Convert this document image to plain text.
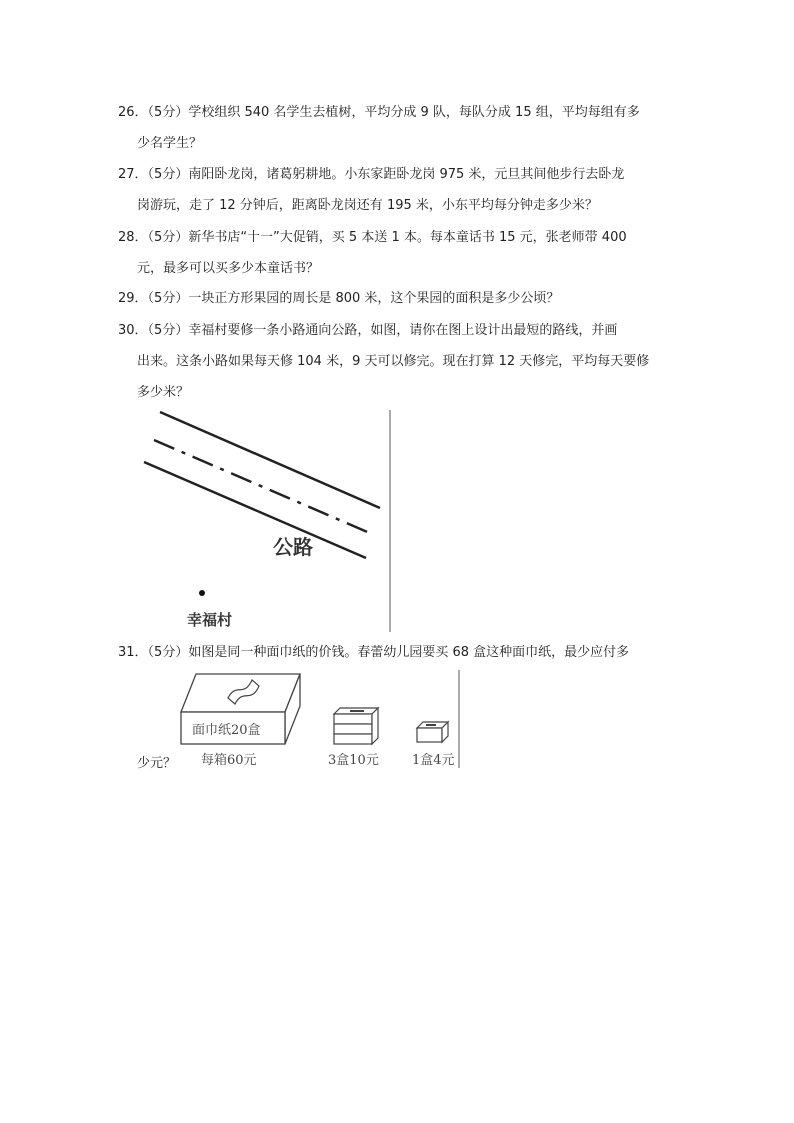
26．（5分）学校组织 540 名学生去植树，平均分成 9 队，每队分成 15 组，平均每组有多
少名学生？
27．（5分）南阳卧龙岗，诸葛躬耕地。小东家距卧龙岗 975 米，元旦其间他步行去卧龙
岗游玩，走了 12 分钟后，距离卧龙岗还有 195 米，小东平均每分钟走多少米？
28．（5分）新华书店“十一”大促销，买 5 本送 1 本。每本童话书 15 元，张老师带 400
元，最多可以买多少本童话书？
29．（5分）一块正方形果园的周长是 800 米，这个果园的面积是多少公顷？
30．（5分）幸福村要修一条小路通向公路，如图，请你在图上设计出最短的路线，并画
出来。这条小路如果每天修 104 米，9 天可以修完。现在打算 12 天修完，平均每天要修
多少米？
公路
幸福村
31．（5分）如图是同一种面巾纸的价钱。春蕾幼儿园要买 68 盒这种面巾纸，最少应付多
少元？
面巾纸20盒
每箱60元	3盒10元	1盒4元
